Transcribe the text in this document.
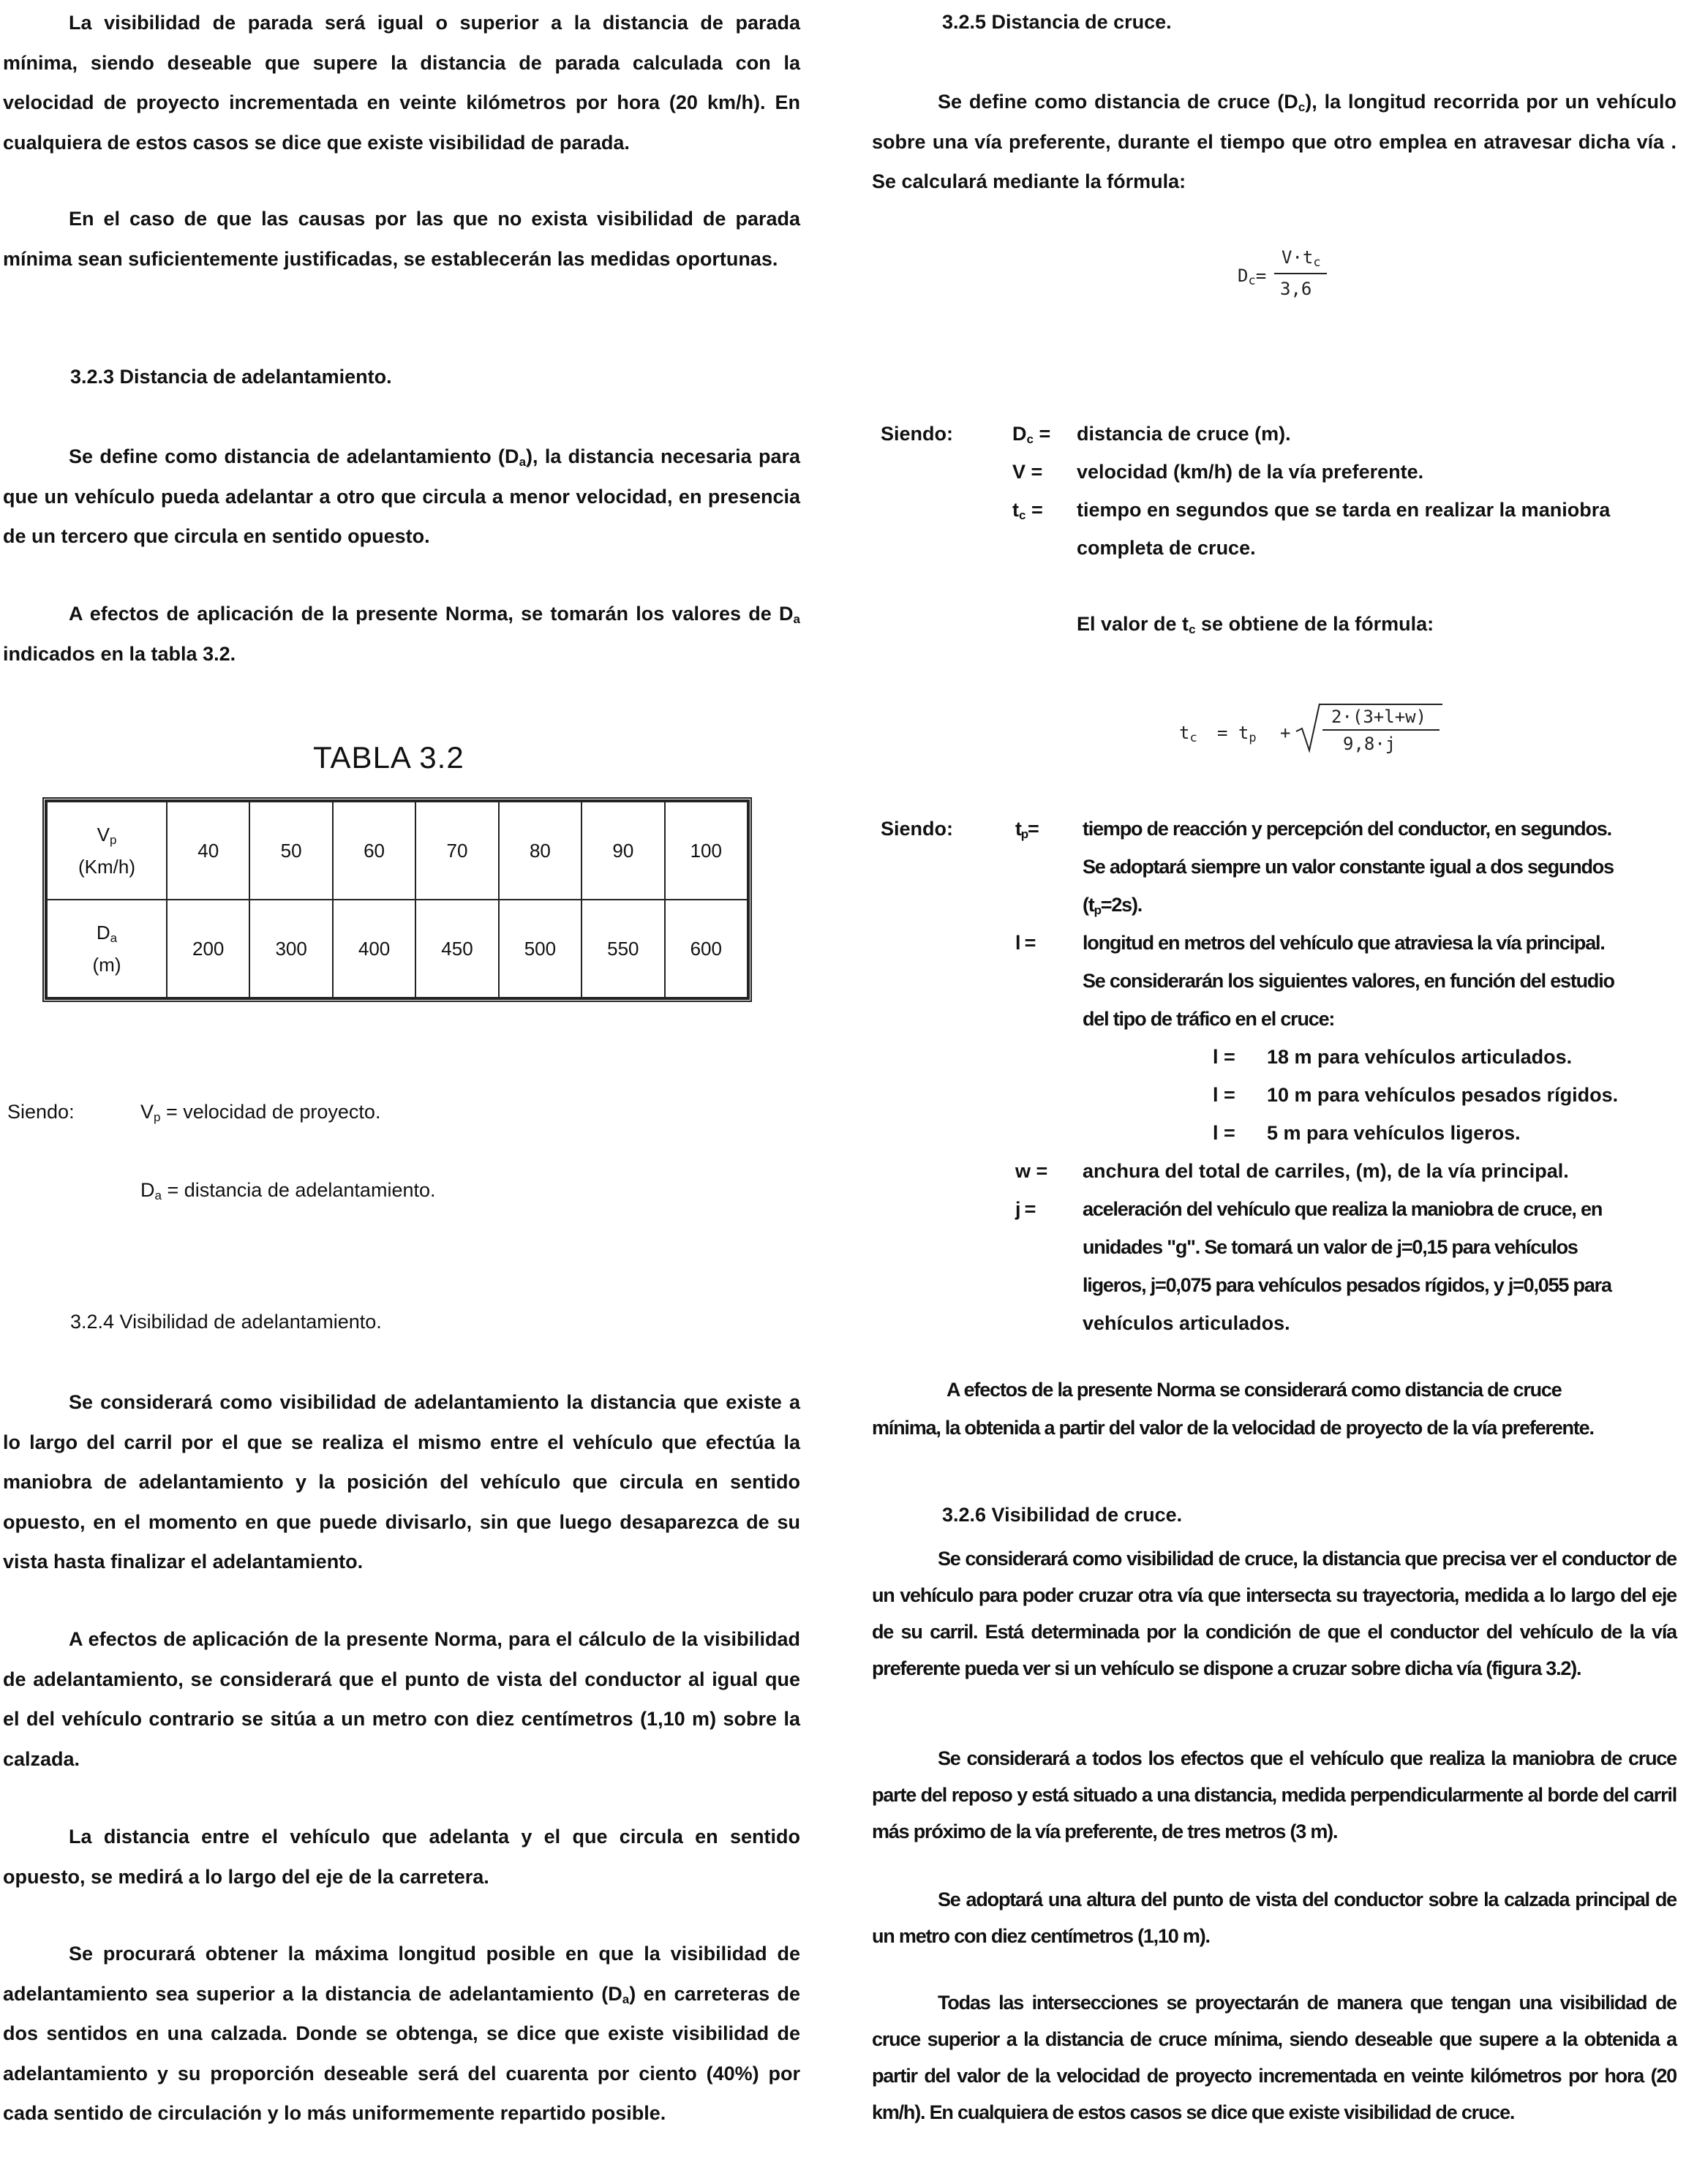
La visibilidad de parada será igual o superior a la distancia de parada mínima, siendo deseable que supere la distancia de parada calculada con la velocidad de proyecto incrementada en veinte kilómetros por hora (20 km/h). En cualquiera de estos casos se dice que existe visibilidad de parada.

En el caso de que las causas por las que no exista visibilidad de parada mínima sean suficientemente justificadas, se establecerán las medidas oportunas.

3.2.3 Distancia de adelantamiento.

Se define como distancia de adelantamiento $(D_a)$, la distancia necesaria para que un vehículo pueda adelantar a otro que circula a menor velocidad, en presencia de un tercero que circula en sentido opuesto.

A efectos de aplicación de la presente Norma, se tomarán los valores de $D_a$ indicados en la tabla 3.2.

TABLA 3.2
$V_p$
(Km/h)	40	50	60	70	80	90	100
$D_a$
(m)	200	300	400	450	500	550	600
Siendo:	$V_p$ = velocidad de proyecto.
$D_a$ = distancia de adelantamiento.

3.2.4 Visibilidad de adelantamiento.

Se considerará como visibilidad de adelantamiento la distancia que existe a lo largo del carril por el que se realiza el mismo entre el vehículo que efectúa la maniobra de adelantamiento y la posición del vehículo que circula en sentido opuesto, en el momento en que puede divisarlo, sin que luego desaparezca de su vista hasta finalizar el adelantamiento.

A efectos de aplicación de la presente Norma, para el cálculo de la visibilidad de adelantamiento, se considerará que el punto de vista del conductor al igual que el del vehículo contrario se sitúa a un metro con diez centímetros (1,10 m) sobre la calzada.

La distancia entre el vehículo que adelanta y el que circula en sentido opuesto, se medirá a lo largo del eje de la carretera.

Se procurará obtener la máxima longitud posible en que la visibilidad de adelantamiento sea superior a la distancia de adelantamiento $(D_a)$ en carreteras de dos sentidos en una calzada. Donde se obtenga, se dice que existe visibilidad de adelantamiento y su proporción deseable será del cuarenta por ciento (40%) por cada sentido de circulación y lo más uniformemente repartido posible.

3.2.5 Distancia de cruce.

Se define como distancia de cruce $(D_c)$, la longitud recorrida por un vehículo sobre una vía preferente, durante el tiempo que otro emplea en atravesar dicha vía . Se calculará mediante la fórmula:

$D_c=$
$V\cdot t_c$
3,6
Siendo:	$D_c$ = distancia de cruce (m).
V = velocidad (km/h) de la vía preferente.
$t_c$ = tiempo en segundos que se tarda en realizar la maniobra
completa de cruce.
El valor de $t_c$ se obtiene de la fórmula:
$t_c = t_p$ +
2·(3+l+w)
9,8·j
Siendo:	$t_p=$ tiempo de reacción y percepción del conductor, en segundos.
Se adoptará siempre un valor constante igual a dos segundos
$(t_p=2s)$.
l = longitud en metros del vehículo que atraviesa la vía principal.
Se considerarán los siguientes valores, en función del estudio
del tipo de tráfico en el cruce:
l = 18 m para vehículos articulados.
l = 10 m para vehículos pesados rígidos.
l = 5 m para vehículos ligeros.
w = anchura del total de carriles, (m), de la vía principal.
j = aceleración del vehículo que realiza la maniobra de cruce, en
unidades "g". Se tomará un valor de j=0,15 para vehículos
ligeros, j=0,075 para vehículos pesados rígidos, y j=0,055 para
vehículos articulados.
A efectos de la presente Norma se considerará como distancia de cruce
mínima, la obtenida a partir del valor de la velocidad de proyecto de la vía preferente.

3.2.6 Visibilidad de cruce.

Se considerará como visibilidad de cruce, la distancia que precisa ver el conductor de un vehículo para poder cruzar otra vía que intersecta su trayectoria, medida a lo largo del eje de su carril. Está determinada por la condición de que el conductor del vehículo de la vía preferente pueda ver si un vehículo se dispone a cruzar sobre dicha vía (figura 3.2).

Se considerará a todos los efectos que el vehículo que realiza la maniobra de cruce parte del reposo y está situado a una distancia, medida perpendicularmente al borde del carril más próximo de la vía preferente, de tres metros (3 m).

Se adoptará una altura del punto de vista del conductor sobre la calzada principal de un metro con diez centímetros (1,10 m).

Todas las intersecciones se proyectarán de manera que tengan una visibilidad de cruce superior a la distancia de cruce mínima, siendo deseable que supere a la obtenida a partir del valor de la velocidad de proyecto incrementada en veinte kilómetros por hora (20 km/h). En cualquiera de estos casos se dice que existe visibilidad de cruce.
